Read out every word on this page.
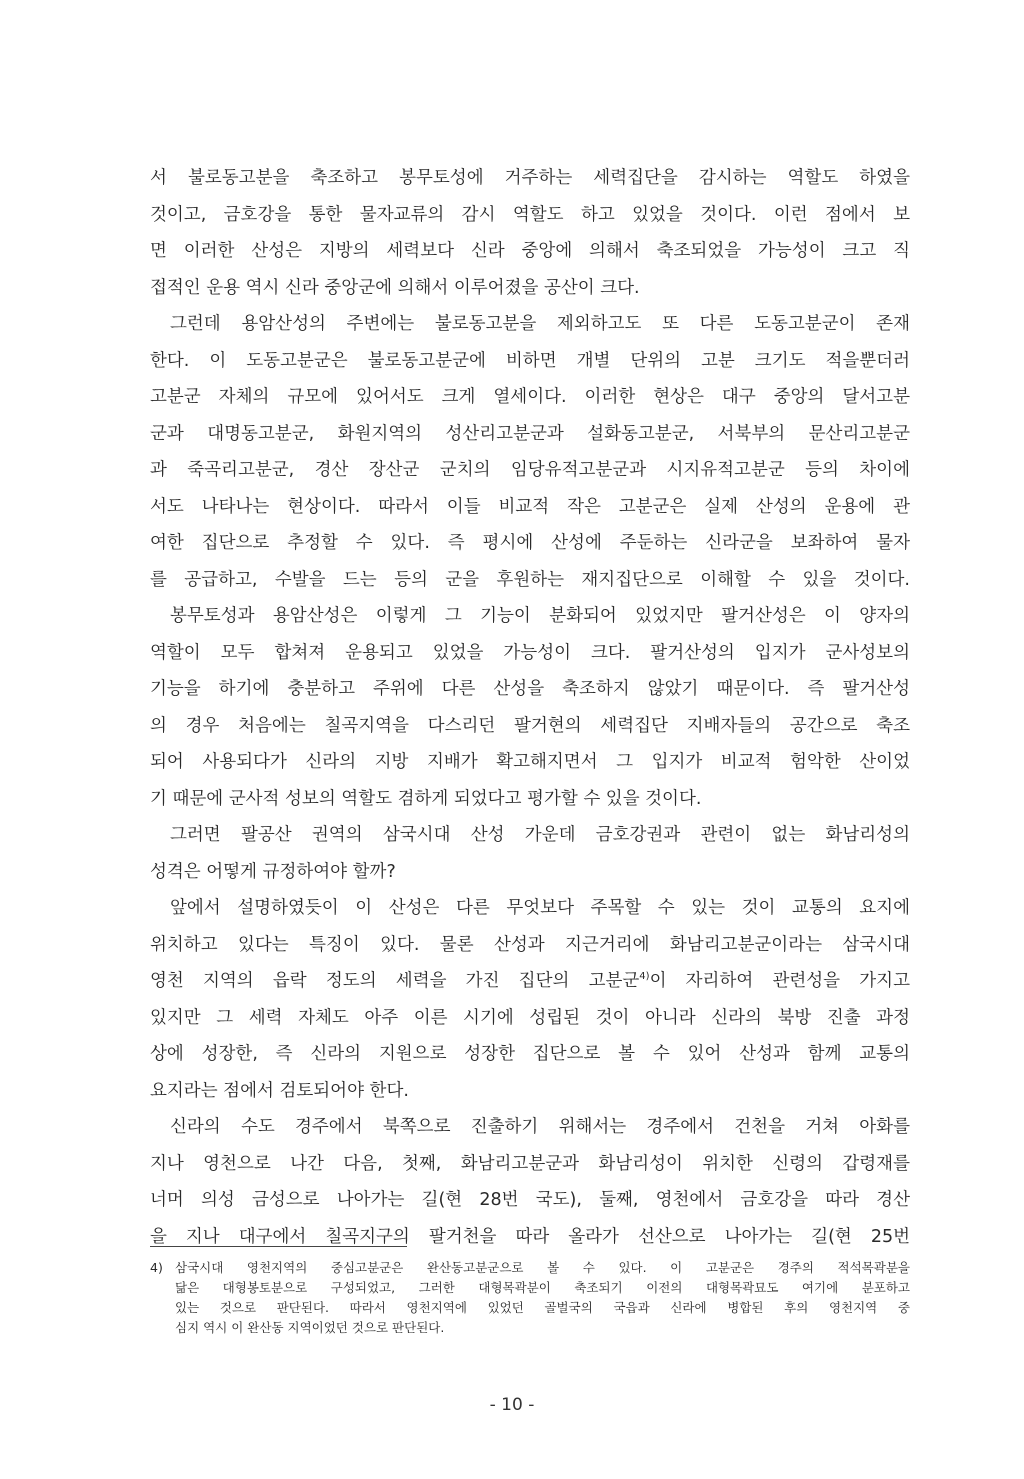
서 불로동고분을 축조하고 봉무토성에 거주하는 세력집단을 감시하는 역할도 하였을
것이고, 금호강을 통한 물자교류의 감시 역할도 하고 있었을 것이다. 이런 점에서 보
면 이러한 산성은 지방의 세력보다 신라 중앙에 의해서 축조되었을 가능성이 크고 직
접적인 운용 역시 신라 중앙군에 의해서 이루어졌을 공산이 크다.
그런데 용암산성의 주변에는 불로동고분을 제외하고도 또 다른 도동고분군이 존재
한다. 이 도동고분군은 불로동고분군에 비하면 개별 단위의 고분 크기도 적을뿐더러
고분군 자체의 규모에 있어서도 크게 열세이다. 이러한 현상은 대구 중앙의 달서고분
군과 대명동고분군, 화원지역의 성산리고분군과 설화동고분군, 서북부의 문산리고분군
과 죽곡리고분군, 경산 장산군 군치의 임당유적고분군과 시지유적고분군 등의 차이에
서도 나타나는 현상이다. 따라서 이들 비교적 작은 고분군은 실제 산성의 운용에 관
여한 집단으로 추정할 수 있다. 즉 평시에 산성에 주둔하는 신라군을 보좌하여 물자
를 공급하고, 수발을 드는 등의 군을 후원하는 재지집단으로 이해할 수 있을 것이다.
봉무토성과 용암산성은 이렇게 그 기능이 분화되어 있었지만 팔거산성은 이 양자의
역할이 모두 합쳐져 운용되고 있었을 가능성이 크다. 팔거산성의 입지가 군사성보의
기능을 하기에 충분하고 주위에 다른 산성을 축조하지 않았기 때문이다. 즉 팔거산성
의 경우 처음에는 칠곡지역을 다스리던 팔거현의 세력집단 지배자들의 공간으로 축조
되어 사용되다가 신라의 지방 지배가 확고해지면서 그 입지가 비교적 험악한 산이었
기 때문에 군사적 성보의 역할도 겸하게 되었다고 평가할 수 있을 것이다.
그러면 팔공산 권역의 삼국시대 산성 가운데 금호강권과 관련이 없는 화남리성의
성격은 어떻게 규정하여야 할까?
앞에서 설명하였듯이 이 산성은 다른 무엇보다 주목할 수 있는 것이 교통의 요지에
위치하고 있다는 특징이 있다. 물론 산성과 지근거리에 화남리고분군이라는 삼국시대
영천 지역의 읍락 정도의 세력을 가진 집단의 고분군$^{4)}$이 자리하여 관련성을 가지고
있지만 그 세력 자체도 아주 이른 시기에 성립된 것이 아니라 신라의 북방 진출 과정
상에 성장한, 즉 신라의 지원으로 성장한 집단으로 볼 수 있어 산성과 함께 교통의
요지라는 점에서 검토되어야 한다.
신라의 수도 경주에서 북쪽으로 진출하기 위해서는 경주에서 건천을 거쳐 아화를
지나 영천으로 나간 다음, 첫째, 화남리고분군과 화남리성이 위치한 신령의 갑령재를
너머 의성 금성으로 나아가는 길(현 28번 국도), 둘째, 영천에서 금호강을 따라 경산
을 지나 대구에서 칠곡지구의 팔거천을 따라 올라가 선산으로 나아가는 길(현 25번
4) 삼국시대 영천지역의 중심고분군은 완산동고분군으로 볼 수 있다. 이 고분군은 경주의 적석목곽분을
닮은 대형봉토분으로 구성되었고, 그러한 대형목곽분이 축조되기 이전의 대형목곽묘도 여기에 분포하고
있는 것으로 판단된다. 따라서 영천지역에 있었던 골벌국의 국읍과 신라에 병합된 후의 영천지역 중
심지 역시 이 완산동 지역이었던 것으로 판단된다.
- 10 -
